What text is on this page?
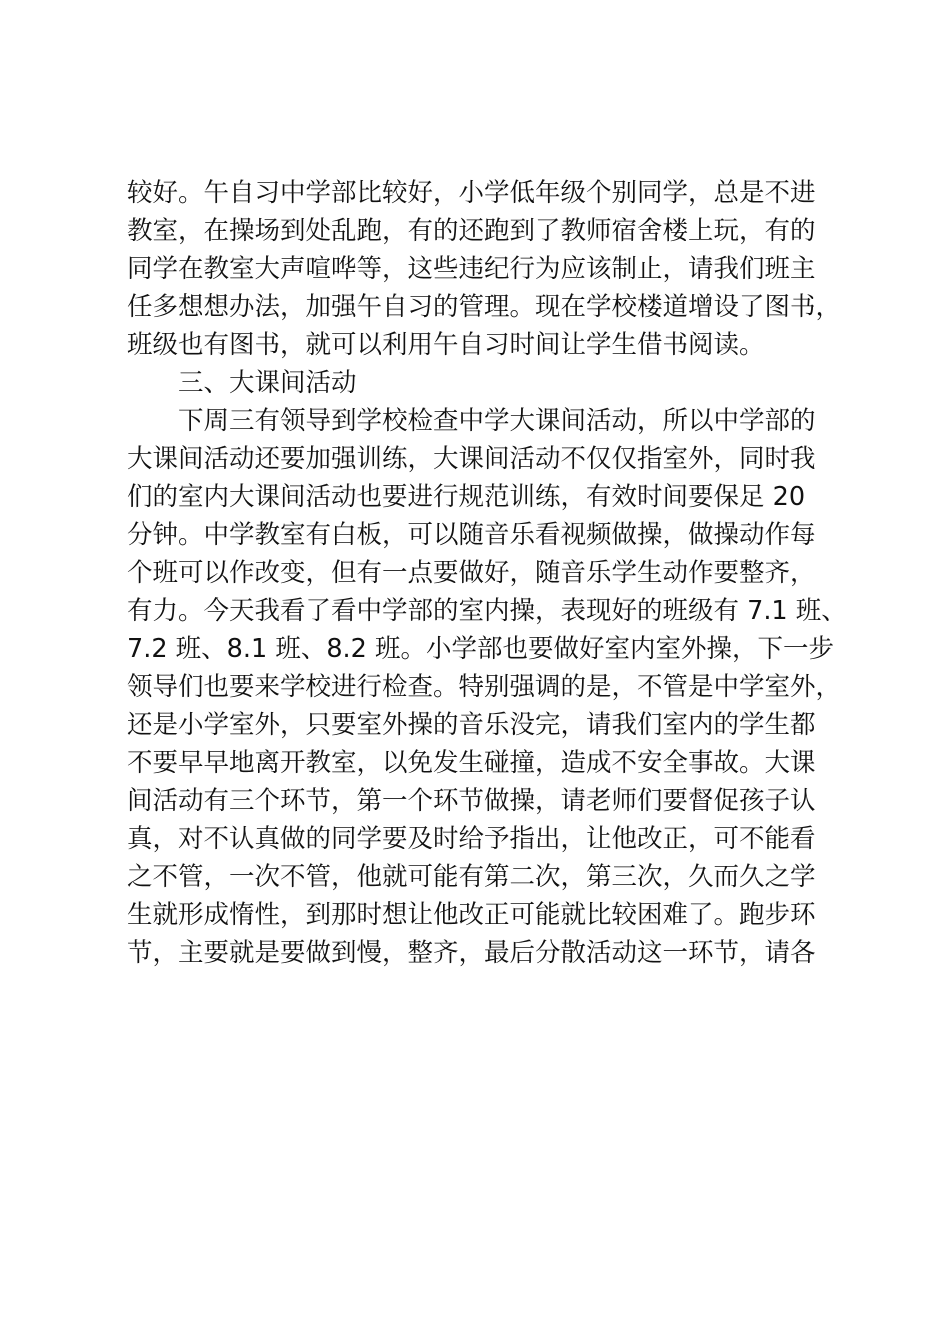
较好。午自习中学部比较好，小学低年级个别同学，总是不进
教室，在操场到处乱跑，有的还跑到了教师宿舍楼上玩，有的
同学在教室大声喧哗等，这些违纪行为应该制止，请我们班主
任多想想办法，加强午自习的管理。现在学校楼道增设了图书，
班级也有图书，就可以利用午自习时间让学生借书阅读。
三、大课间活动
下周三有领导到学校检查中学大课间活动，所以中学部的
大课间活动还要加强训练，大课间活动不仅仅指室外，同时我
们的室内大课间活动也要进行规范训练，有效时间要保足 20
分钟。中学教室有白板，可以随音乐看视频做操，做操动作每
个班可以作改变，但有一点要做好，随音乐学生动作要整齐，
有力。今天我看了看中学部的室内操，表现好的班级有 7.1 班、
7.2 班、8.1 班、8.2 班。小学部也要做好室内室外操，下一步
领导们也要来学校进行检查。特别强调的是，不管是中学室外，
还是小学室外，只要室外操的音乐没完，请我们室内的学生都
不要早早地离开教室，以免发生碰撞，造成不安全事故。大课
间活动有三个环节，第一个环节做操，请老师们要督促孩子认
真，对不认真做的同学要及时给予指出，让他改正，可不能看
之不管，一次不管，他就可能有第二次，第三次，久而久之学
生就形成惰性，到那时想让他改正可能就比较困难了。跑步环
节，主要就是要做到慢，整齐，最后分散活动这一环节，请各
